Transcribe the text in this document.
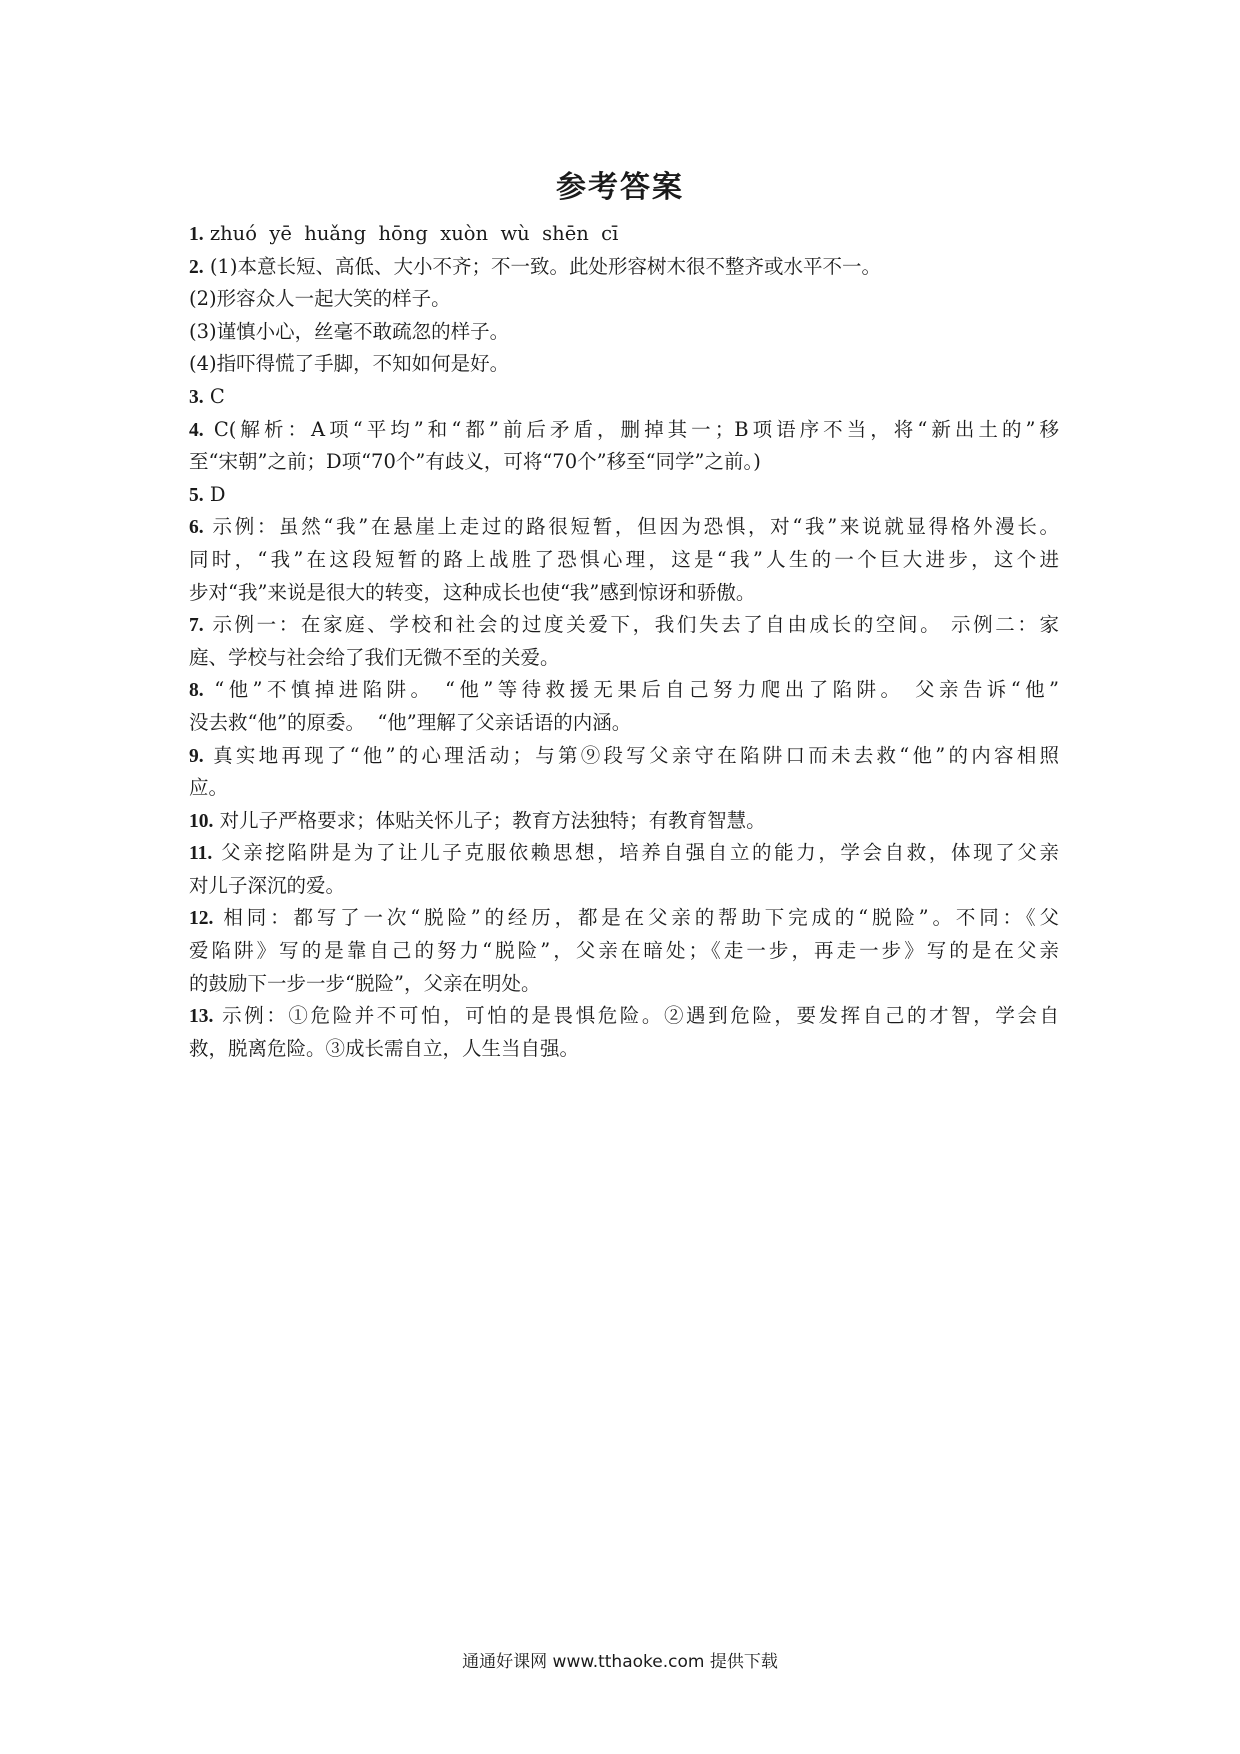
参考答案
1. zhuó  yē  huǎng  hōng  xuòn  wù  shēn  cī
2. (1)本意长短、高低、大小不齐；不一致。此处形容树木很不整齐或水平不一。
(2)形容众人一起大笑的样子。
(3)谨慎小心，丝毫不敢疏忽的样子。
(4)指吓得慌了手脚，不知如何是好。
3. C
4. C(解析：A项“平均”和“都”前后矛盾，删掉其一；B项语序不当，将“新出土的”移
至“宋朝”之前；D项“70个”有歧义，可将“70个”移至“同学”之前。)
5. D
6. 示例：虽然“我”在悬崖上走过的路很短暂，但因为恐惧，对“我”来说就显得格外漫长。
同时，“我”在这段短暂的路上战胜了恐惧心理，这是“我”人生的一个巨大进步，这个进
步对“我”来说是很大的转变，这种成长也使“我”感到惊讶和骄傲。
7. 示例一：在家庭、学校和社会的过度关爱下，我们失去了自由成长的空间。 示例二：家
庭、学校与社会给了我们无微不至的关爱。
8. “他”不慎掉进陷阱。 “他”等待救援无果后自己努力爬出了陷阱。 父亲告诉“他”
没去救“他”的原委。  “他”理解了父亲话语的内涵。
9. 真实地再现了“他”的心理活动；与第⑨段写父亲守在陷阱口而未去救“他”的内容相照
应。
10. 对儿子严格要求；体贴关怀儿子；教育方法独特；有教育智慧。
11. 父亲挖陷阱是为了让儿子克服依赖思想，培养自强自立的能力，学会自救，体现了父亲
对儿子深沉的爱。
12. 相同：都写了一次“脱险”的经历，都是在父亲的帮助下完成的“脱险”。不同：《父
爱陷阱》写的是靠自己的努力“脱险”，父亲在暗处；《走一步，再走一步》写的是在父亲
的鼓励下一步一步“脱险”，父亲在明处。
13. 示例：①危险并不可怕，可怕的是畏惧危险。②遇到危险，要发挥自己的才智，学会自
救，脱离危险。③成长需自立，人生当自强。
通通好课网 www.tthaoke.com 提供下载
